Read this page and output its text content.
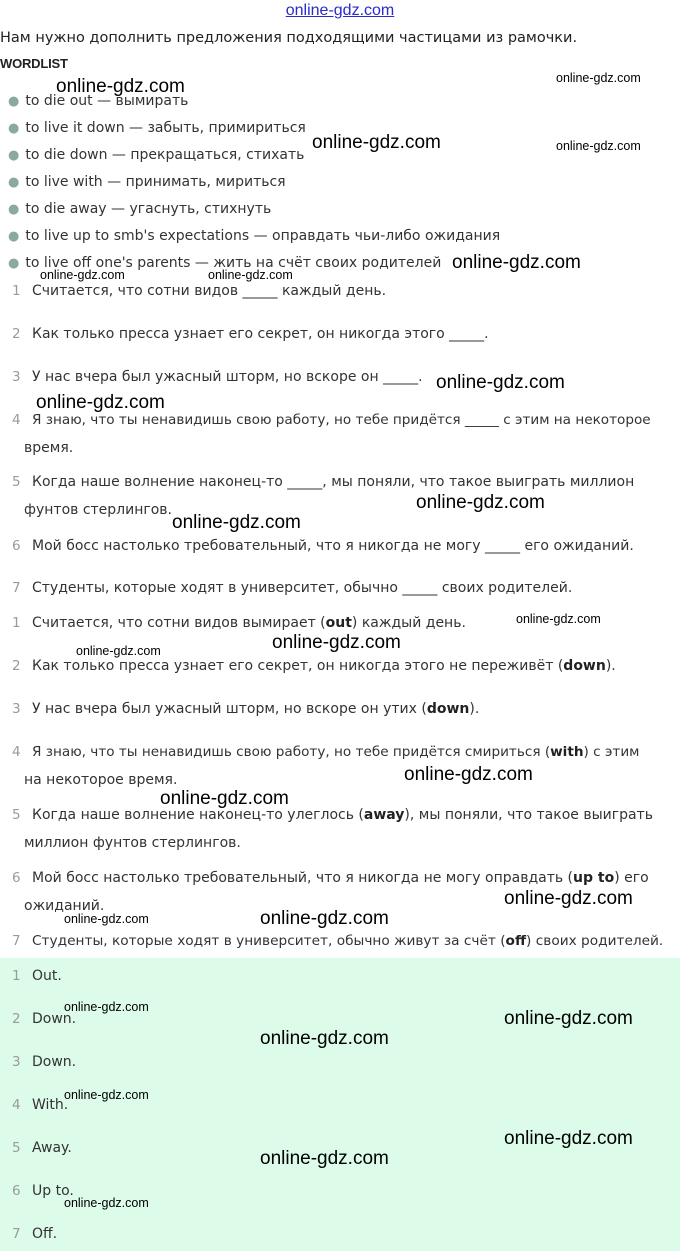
online-gdz.com
Нам нужно дополнить предложения подходящими частицами из рамочки.
WORDLIST
● to die out — вымирать
● to live it down — забыть, примириться
● to die down — прекращаться, стихать
● to live with — принимать, мириться
● to die away — угаснуть, стихнуть
● to live up to smb's expectations — оправдать чьи-либо ожидания
● to live off one's parents — жить на счёт своих родителей
1 Считается, что сотни видов _____ каждый день.
2 Как только пресса узнает его секрет, он никогда этого _____.
3 У нас вчера был ужасный шторм, но вскоре он _____.
4 Я знаю, что ты ненавидишь свою работу, но тебе придётся _____ с этим на некоторое
время.
5 Когда наше волнение наконец-то _____, мы поняли, что такое выиграть миллион
фунтов стерлингов.
6 Мой босс настолько требовательный, что я никогда не могу _____ его ожиданий.
7 Студенты, которые ходят в университет, обычно _____ своих родителей.
1 Считается, что сотни видов вымирает (out) каждый день.
2 Как только пресса узнает его секрет, он никогда этого не переживёт (down).
3 У нас вчера был ужасный шторм, но вскоре он утих (down).
4 Я знаю, что ты ненавидишь свою работу, но тебе придётся смириться (with) с этим
на некоторое время.
5 Когда наше волнение наконец-то улеглось (away), мы поняли, что такое выиграть
миллион фунтов стерлингов.
6 Мой босс настолько требовательный, что я никогда не могу оправдать (up to) его
ожиданий.
7 Студенты, которые ходят в университет, обычно живут за счёт (off) своих родителей.
1 Out.
2 Down.
3 Down.
4 With.
5 Away.
6 Up to.
7 Off.
online-gdz.com	online-gdz.com
online-gdz.com	online-gdz.com
online-gdz.com
online-gdz.com	online-gdz.com
online-gdz.com
online-gdz.com
online-gdz.com
online-gdz.com
online-gdz.com
online-gdz.com
online-gdz.com
online-gdz.com
online-gdz.com
online-gdz.com
online-gdz.com	online-gdz.com
online-gdz.com
online-gdz.com
online-gdz.com
online-gdz.com
online-gdz.com
online-gdz.com
online-gdz.com
